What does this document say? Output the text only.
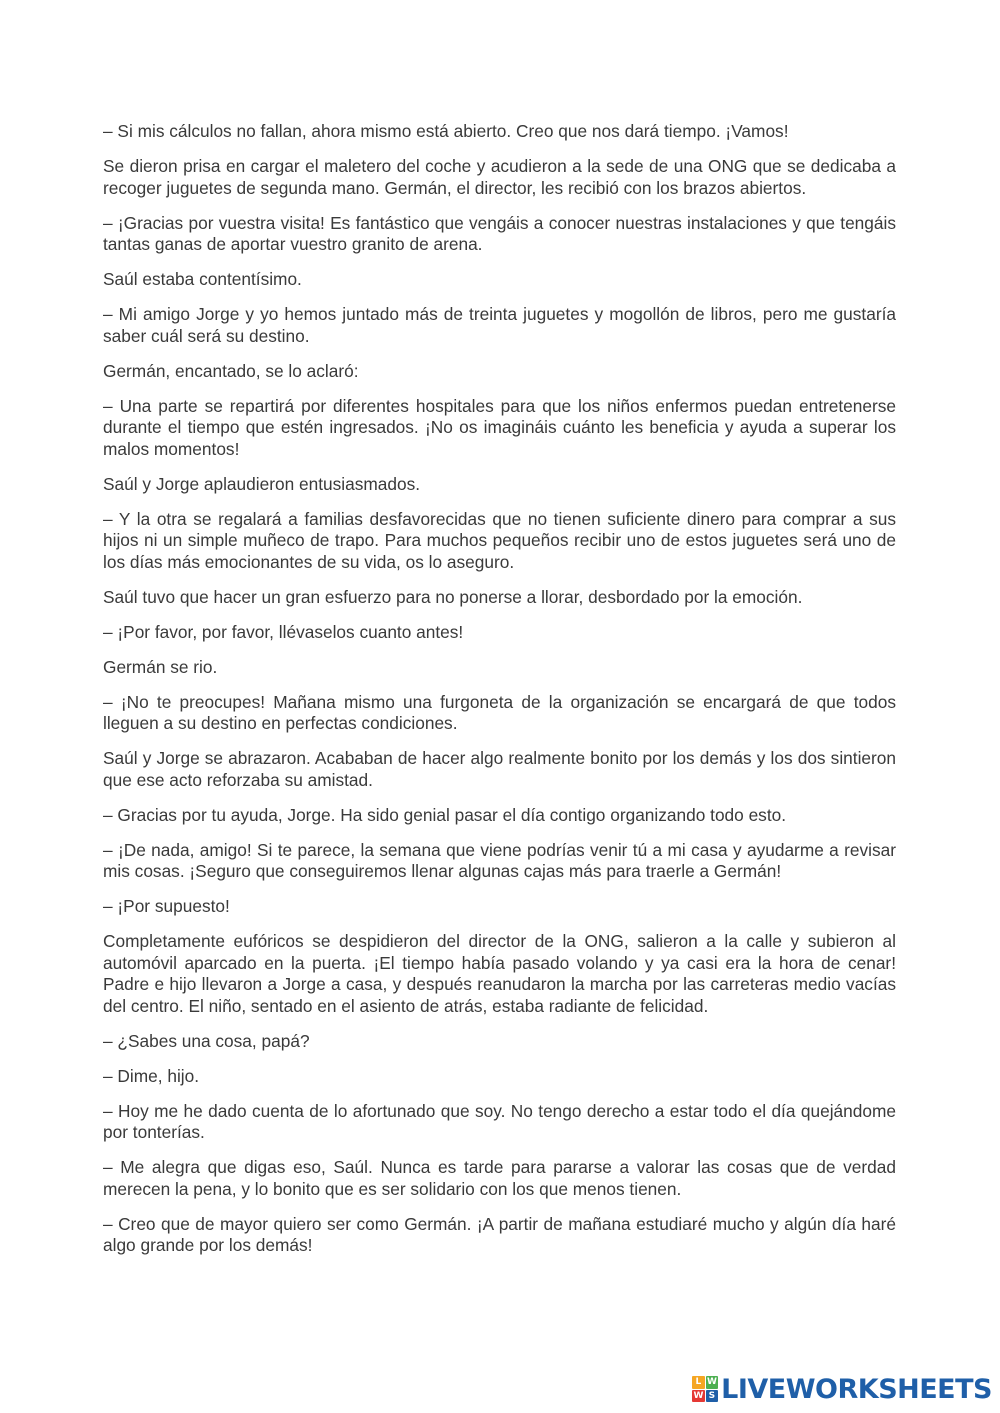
– Si mis cálculos no fallan, ahora mismo está abierto. Creo que nos dará tiempo. ¡Vamos!

Se dieron prisa en cargar el maletero del coche y acudieron a la sede de una ONG que se dedicaba a recoger juguetes de segunda mano. Germán, el director, les recibió con los brazos abiertos.

– ¡Gracias por vuestra visita! Es fantástico que vengáis a conocer nuestras instalaciones y que tengáis tantas ganas de aportar vuestro granito de arena.

Saúl estaba contentísimo.

– Mi amigo Jorge y yo hemos juntado más de treinta juguetes y mogollón de libros, pero me gustaría saber cuál será su destino.

Germán, encantado, se lo aclaró:

– Una parte se repartirá por diferentes hospitales para que los niños enfermos puedan entretenerse durante el tiempo que estén ingresados. ¡No os imagináis cuánto les beneficia y ayuda a superar los malos momentos!

Saúl y Jorge aplaudieron entusiasmados.

– Y la otra se regalará a familias desfavorecidas que no tienen suficiente dinero para comprar a sus hijos ni un simple muñeco de trapo. Para muchos pequeños recibir uno de estos juguetes será uno de los días más emocionantes de su vida, os lo aseguro.

Saúl tuvo que hacer un gran esfuerzo para no ponerse a llorar, desbordado por la emoción.

– ¡Por favor, por favor, llévaselos cuanto antes!

Germán se rio.

– ¡No te preocupes! Mañana mismo una furgoneta de la organización se encargará de que todos lleguen a su destino en perfectas condiciones.

Saúl y Jorge se abrazaron. Acababan de hacer algo realmente bonito por los demás y los dos sintieron que ese acto reforzaba su amistad.

– Gracias por tu ayuda, Jorge. Ha sido genial pasar el día contigo organizando todo esto.

– ¡De nada, amigo! Si te parece, la semana que viene podrías venir tú a mi casa y ayudarme a revisar mis cosas. ¡Seguro que conseguiremos llenar algunas cajas más para traerle a Germán!

– ¡Por supuesto!

Completamente eufóricos se despidieron del director de la ONG, salieron a la calle y subieron al automóvil aparcado en la puerta. ¡El tiempo había pasado volando y ya casi era la hora de cenar! Padre e hijo llevaron a Jorge a casa, y después reanudaron la marcha por las carreteras medio vacías del centro. El niño, sentado en el asiento de atrás, estaba radiante de felicidad.

– ¿Sabes una cosa, papá?

– Dime, hijo.

– Hoy me he dado cuenta de lo afortunado que soy. No tengo derecho a estar todo el día quejándome por tonterías.

– Me alegra que digas eso, Saúl. Nunca es tarde para pararse a valorar las cosas que de verdad merecen la pena, y lo bonito que es ser solidario con los que menos tienen.

– Creo que de mayor quiero ser como Germán. ¡A partir de mañana estudiaré mucho y algún día haré algo grande por los demás!

L W
W S LIVEWORKSHEETS
